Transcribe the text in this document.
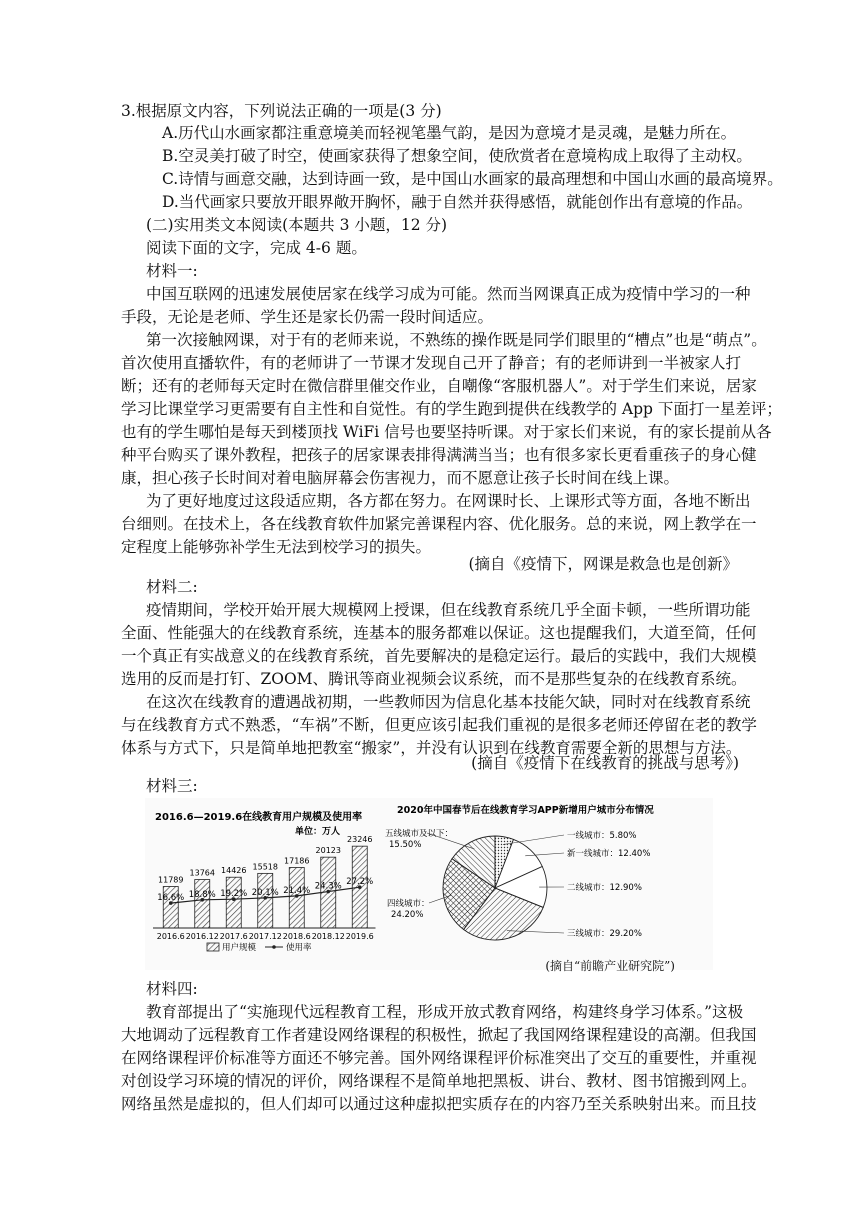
3.根据原文内容，下列说法正确的一项是(3 分)
A.历代山水画家都注重意境美而轻视笔墨气韵，是因为意境才是灵魂，是魅力所在。
B.空灵美打破了时空，使画家获得了想象空间，使欣赏者在意境构成上取得了主动权。
C.诗情与画意交融，达到诗画一致，是中国山水画家的最高理想和中国山水画的最高境界。
D.当代画家只要放开眼界敞开胸怀，融于自然并获得感悟，就能创作出有意境的作品。
(二)实用类文本阅读(本题共 3 小题，12 分)
阅读下面的文字，完成 4-6 题。
材料一:
中国互联网的迅速发展使居家在线学习成为可能。然而当网课真正成为疫情中学习的一种
手段，无论是老师、学生还是家长仍需一段时间适应。
第一次接触网课，对于有的老师来说，不熟练的操作既是同学们眼里的“槽点”也是“萌点”。
首次使用直播软件，有的老师讲了一节课才发现自己开了静音；有的老师讲到一半被家人打
断；还有的老师每天定时在微信群里催交作业，自嘲像“客服机器人”。对于学生们来说，居家
学习比课堂学习更需要有自主性和自觉性。有的学生跑到提供在线教学的 App 下面打一星差评；
也有的学生哪怕是每天到楼顶找 WiFi 信号也要坚持听课。对于家长们来说，有的家长提前从各
种平台购买了课外教程，把孩子的居家课表排得满满当当；也有很多家长更看重孩子的身心健
康，担心孩子长时间对着电脑屏幕会伤害视力，而不愿意让孩子长时间在线上课。
为了更好地度过这段适应期，各方都在努力。在网课时长、上课形式等方面，各地不断出
台细则。在技术上，各在线教育软件加紧完善课程内容、优化服务。总的来说，网上教学在一
定程度上能够弥补学生无法到校学习的损失。
(摘自《疫情下，网课是救急也是创新》
材料二:
疫情期间，学校开始开展大规模网上授课，但在线教育系统几乎全面卡顿，一些所谓功能
全面、性能强大的在线教育系统，连基本的服务都难以保证。这也提醒我们，大道至简，任何
一个真正有实战意义的在线教育系统，首先要解决的是稳定运行。最后的实践中，我们大规模
选用的反而是打钉、ZOOM、腾讯等商业视频会议系统，而不是那些复杂的在线教育系统。
在这次在线教育的遭遇战初期，一些教师因为信息化基本技能欠缺，同时对在线教育系统
与在线教育方式不熟悉，“车祸”不断，但更应该引起我们重视的是很多老师还停留在老的教学
体系与方式下，只是简单地把教室“搬家”，并没有认识到在线教育需要全新的思想与方法。
(摘自《疫情下在线教育的挑战与思考》)
材料三:
2016.6—2019.6在线教育用户规模及使用率
单位：万人
11789
2016.6
13764
2016.12
14426
2017.6
15518
2017.12
17186
2018.6
20123
2018.12
23246
2019.6
16.6% 18.8% 19.2% 20.1% 21.4% 24.3% 27.2%
用户规模	使用率
2020年中国春节后在线教育学习APP新增用户城市分布情况
一线城市：5.80%
新一线城市：12.40%
二线城市：12.90%
三线城市：29.20%
四线城市：
24.20%
五线城市及以下：
15.50%
(摘自“前瞻产业研究院”)
材料四:
教育部提出了“实施现代远程教育工程，形成开放式教育网络，构建终身学习体系。”这极
大地调动了远程教育工作者建设网络课程的积极性，掀起了我国网络课程建设的高潮。但我国
在网络课程评价标准等方面还不够完善。国外网络课程评价标准突出了交互的重要性，并重视
对创设学习环境的情况的评价，网络课程不是简单地把黑板、讲台、教材、图书馆搬到网上。
网络虽然是虚拟的，但人们却可以通过这种虚拟把实质存在的内容乃至关系映射出来。而且技
